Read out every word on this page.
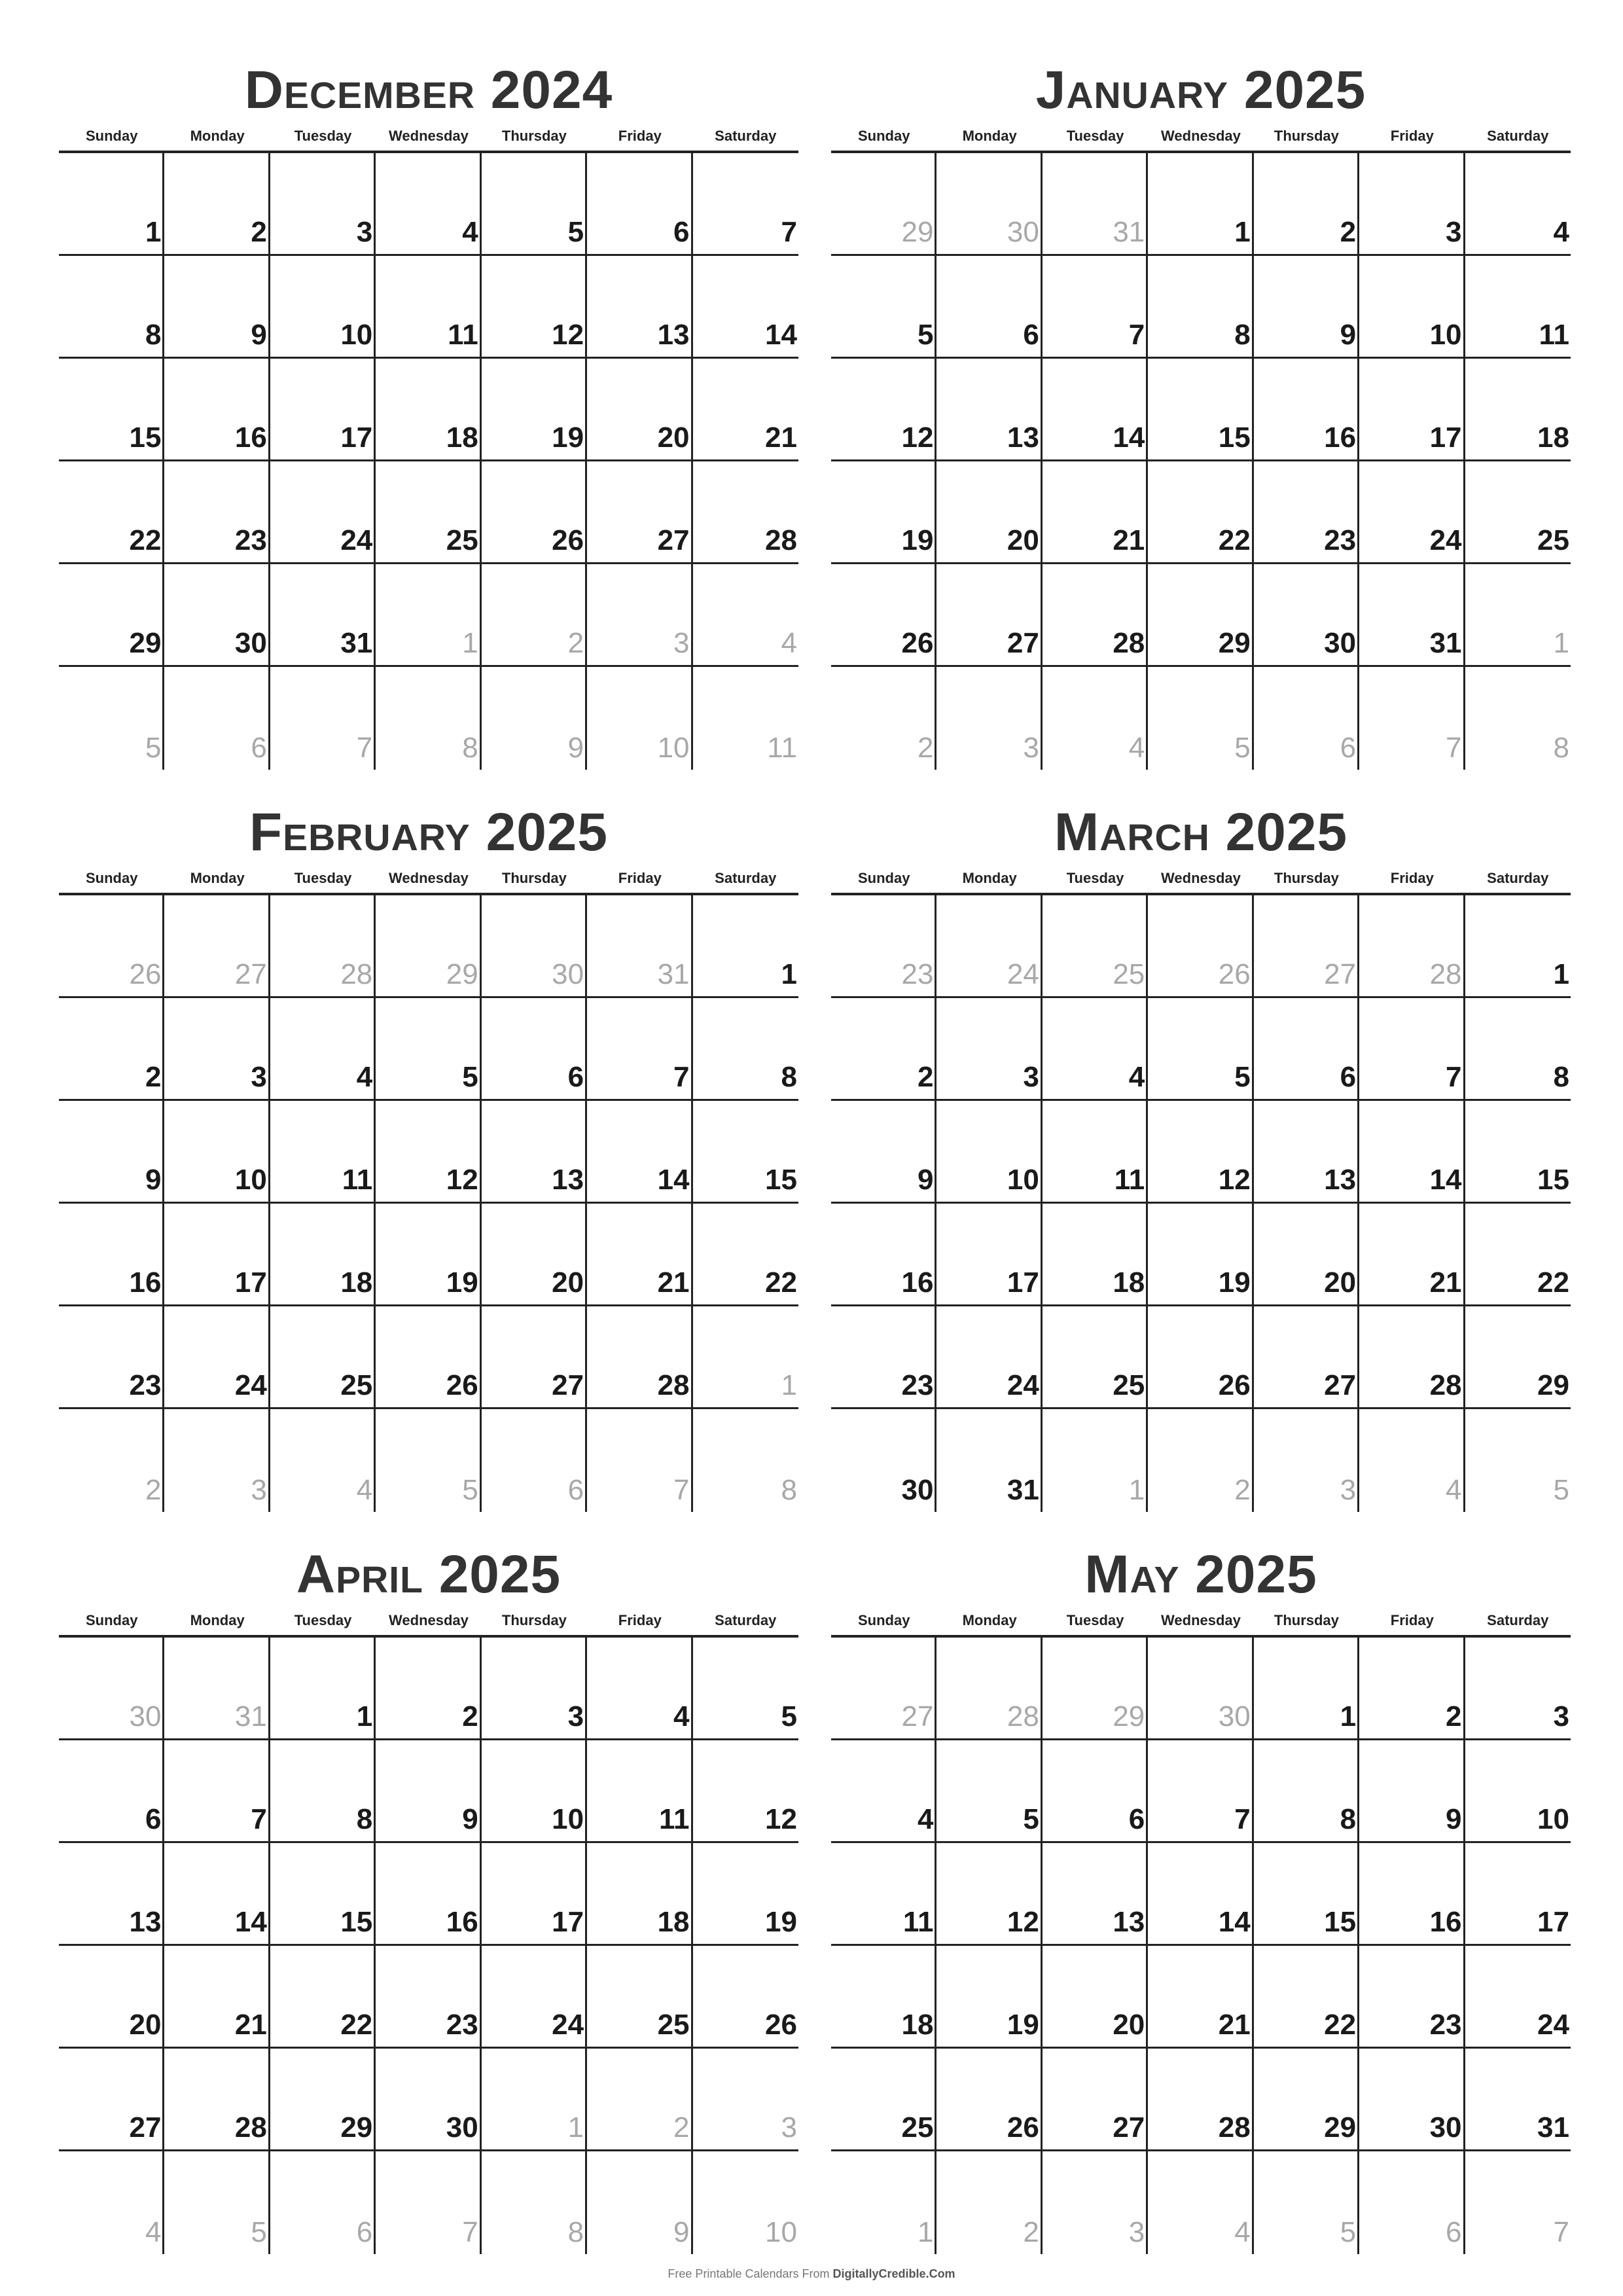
December 2024
Sunday	Monday	Tuesday	Wednesday	Thursday	Friday	Saturday
1	2	3	4	5	6	7
8	9	10	11	12	13	14
15	16	17	18	19	20	21
22	23	24	25	26	27	28
29	30	31	1	2	3	4
5	6	7	8	9	10	11
January 2025
Sunday	Monday	Tuesday	Wednesday	Thursday	Friday	Saturday
29	30	31	1	2	3	4
5	6	7	8	9	10	11
12	13	14	15	16	17	18
19	20	21	22	23	24	25
26	27	28	29	30	31	1
2	3	4	5	6	7	8
February 2025
Sunday	Monday	Tuesday	Wednesday	Thursday	Friday	Saturday
26	27	28	29	30	31	1
2	3	4	5	6	7	8
9	10	11	12	13	14	15
16	17	18	19	20	21	22
23	24	25	26	27	28	1
2	3	4	5	6	7	8
March 2025
Sunday	Monday	Tuesday	Wednesday	Thursday	Friday	Saturday
23	24	25	26	27	28	1
2	3	4	5	6	7	8
9	10	11	12	13	14	15
16	17	18	19	20	21	22
23	24	25	26	27	28	29
30	31	1	2	3	4	5
April 2025
Sunday	Monday	Tuesday	Wednesday	Thursday	Friday	Saturday
30	31	1	2	3	4	5
6	7	8	9	10	11	12
13	14	15	16	17	18	19
20	21	22	23	24	25	26
27	28	29	30	1	2	3
4	5	6	7	8	9	10
May 2025
Sunday	Monday	Tuesday	Wednesday	Thursday	Friday	Saturday
27	28	29	30	1	2	3
4	5	6	7	8	9	10
11	12	13	14	15	16	17
18	19	20	21	22	23	24
25	26	27	28	29	30	31
1	2	3	4	5	6	7
Free Printable Calendars From DigitallyCredible.Com
